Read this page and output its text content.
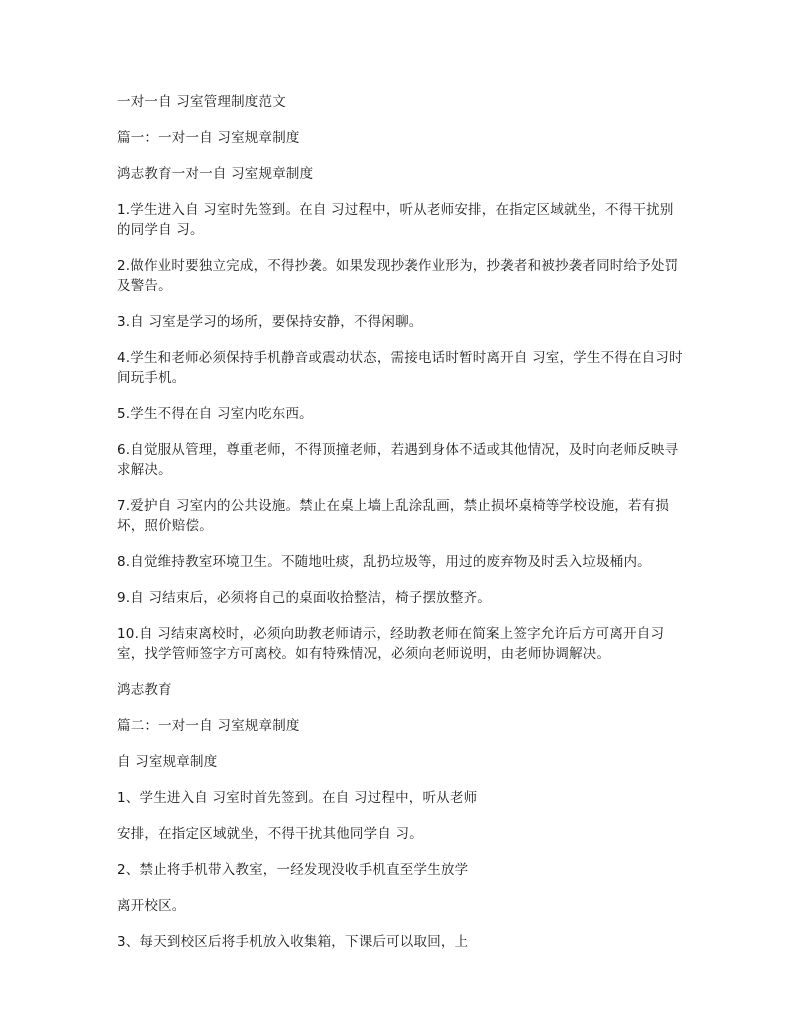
一对一自 习室管理制度范文

篇一：一对一自 习室规章制度

鸿志教育一对一自 习室规章制度

1.学生进入自 习室时先签到。在自 习过程中，听从老师安排，在指定区域就坐，不得干扰别的同学自 习。

2.做作业时要独立完成，不得抄袭。如果发现抄袭作业形为，抄袭者和被抄袭者同时给予处罚及警告。

3.自 习室是学习的场所，要保持安静，不得闲聊。

4.学生和老师必须保持手机静音或震动状态，需接电话时暂时离开自 习室，学生不得在自习时间玩手机。

5.学生不得在自 习室内吃东西。

6.自觉服从管理，尊重老师，不得顶撞老师，若遇到身体不适或其他情况，及时向老师反映寻求解决。

7.爱护自 习室内的公共设施。禁止在桌上墙上乱涂乱画，禁止损坏桌椅等学校设施，若有损坏，照价赔偿。

8.自觉维持教室环境卫生。不随地吐痰，乱扔垃圾等，用过的废弃物及时丢入垃圾桶内。

9.自 习结束后，必须将自己的桌面收拾整洁，椅子摆放整齐。

10.自 习结束离校时，必须向助教老师请示，经助教老师在简案上签字允许后方可离开自习室，找学管师签字方可离校。如有特殊情况，必须向老师说明，由老师协调解决。

鸿志教育

篇二：一对一自 习室规章制度

自 习室规章制度

1、学生进入自 习室时首先签到。在自 习过程中，听从老师

安排，在指定区域就坐，不得干扰其他同学自 习。

2、禁止将手机带入教室，一经发现没收手机直至学生放学

离开校区。

3、每天到校区后将手机放入收集箱，下课后可以取回，上
